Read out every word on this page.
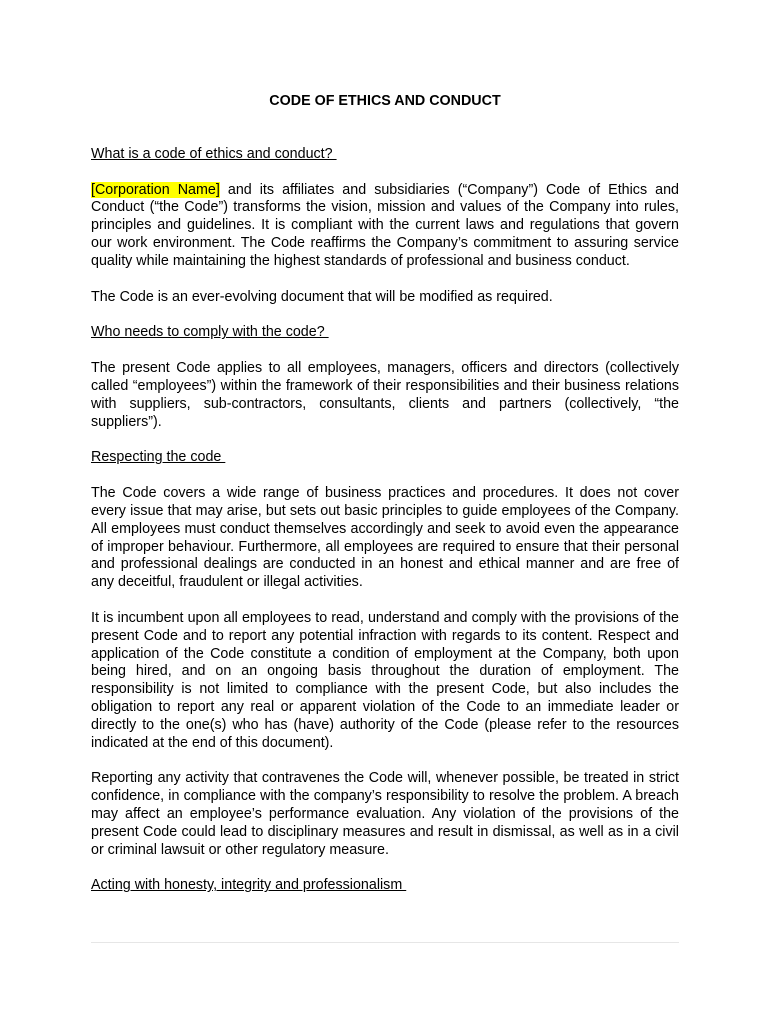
CODE OF ETHICS AND CONDUCT
What is a code of ethics and conduct?
[Corporation Name] and its affiliates and subsidiaries (“Company”) Code of Ethics and Conduct (“the Code”) transforms the vision, mission and values of the Company into rules, principles and guidelines. It is compliant with the current laws and regulations that govern our work environment. The Code reaffirms the Company’s commitment to assuring service quality while maintaining the highest standards of professional and business conduct.
The Code is an ever-evolving document that will be modified as required.
Who needs to comply with the code?
The present Code applies to all employees, managers, officers and directors (collectively called “employees”) within the framework of their responsibilities and their business relations with suppliers, sub-contractors, consultants, clients and partners (collectively, “the suppliers”).
Respecting the code
The Code covers a wide range of business practices and procedures. It does not cover every issue that may arise, but sets out basic principles to guide employees of the Company. All employees must conduct themselves accordingly and seek to avoid even the appearance of improper behaviour. Furthermore, all employees are required to ensure that their personal and professional dealings are conducted in an honest and ethical manner and are free of any deceitful, fraudulent or illegal activities.
It is incumbent upon all employees to read, understand and comply with the provisions of the present Code and to report any potential infraction with regards to its content. Respect and application of the Code constitute a condition of employment at the Company, both upon being hired, and on an ongoing basis throughout the duration of employment. The responsibility is not limited to compliance with the present Code, but also includes the obligation to report any real or apparent violation of the Code to an immediate leader or directly to the one(s) who has (have) authority of the Code (please refer to the resources indicated at the end of this document).
Reporting any activity that contravenes the Code will, whenever possible, be treated in strict confidence, in compliance with the company’s responsibility to resolve the problem. A breach may affect an employee’s performance evaluation. Any violation of the provisions of the present Code could lead to disciplinary measures and result in dismissal, as well as in a civil or criminal lawsuit or other regulatory measure.
Acting with honesty, integrity and professionalism
